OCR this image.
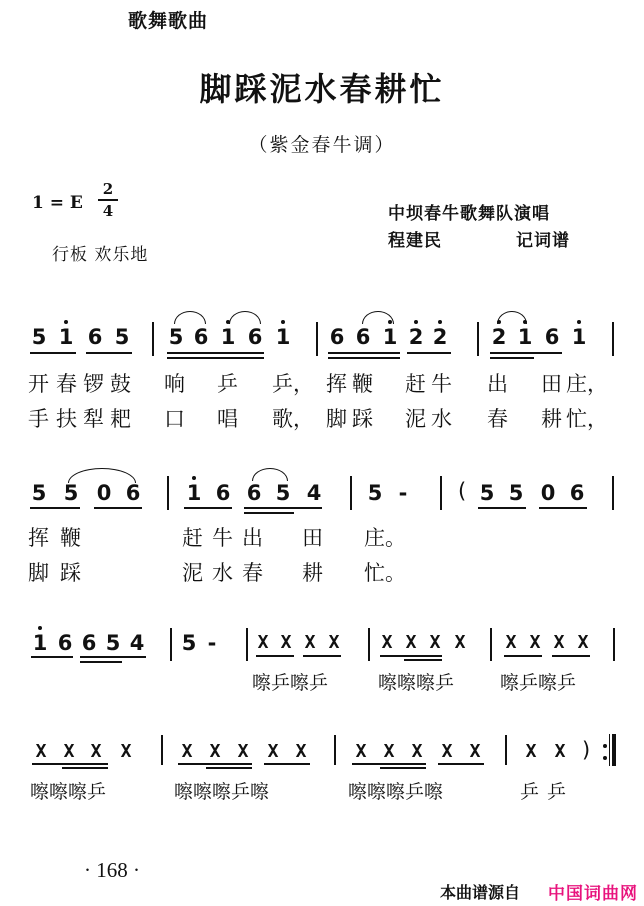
歌舞歌曲
脚踩泥水春耕忙
（紫金春牛调）
1 = E
2
4
行板 欢乐地
中坝春牛歌舞队演唱
程建民	记词谱
5 1 6 5 5 6 1 6 1 6 6 1 2 2 2 1 6 1
开 春 锣 鼓 响 乒 乒， 挥 鞭 赶 牛 出 田 庄，
手 扶 犁 耙 口 唱 歌， 脚 踩 泥 水 春 耕 忙，
5 5 0 6 1 6 6 5 4 5 - ( 5 5 0 6
挥 鞭	赶 牛 出 田 庄。
脚 踩	泥 水 春 耕 忙。
1 6 6 5 4 5 - X X X X X X X X X X X X
嚓乒嚓乒	嚓嚓嚓乒 嚓乒嚓乒
X X X X	X X X X X	X X X X X	X X )
嚓嚓嚓乒	嚓嚓嚓乒嚓	嚓嚓嚓乒嚓	乒乒
· 168 ·
本曲谱源自 中国词曲网
